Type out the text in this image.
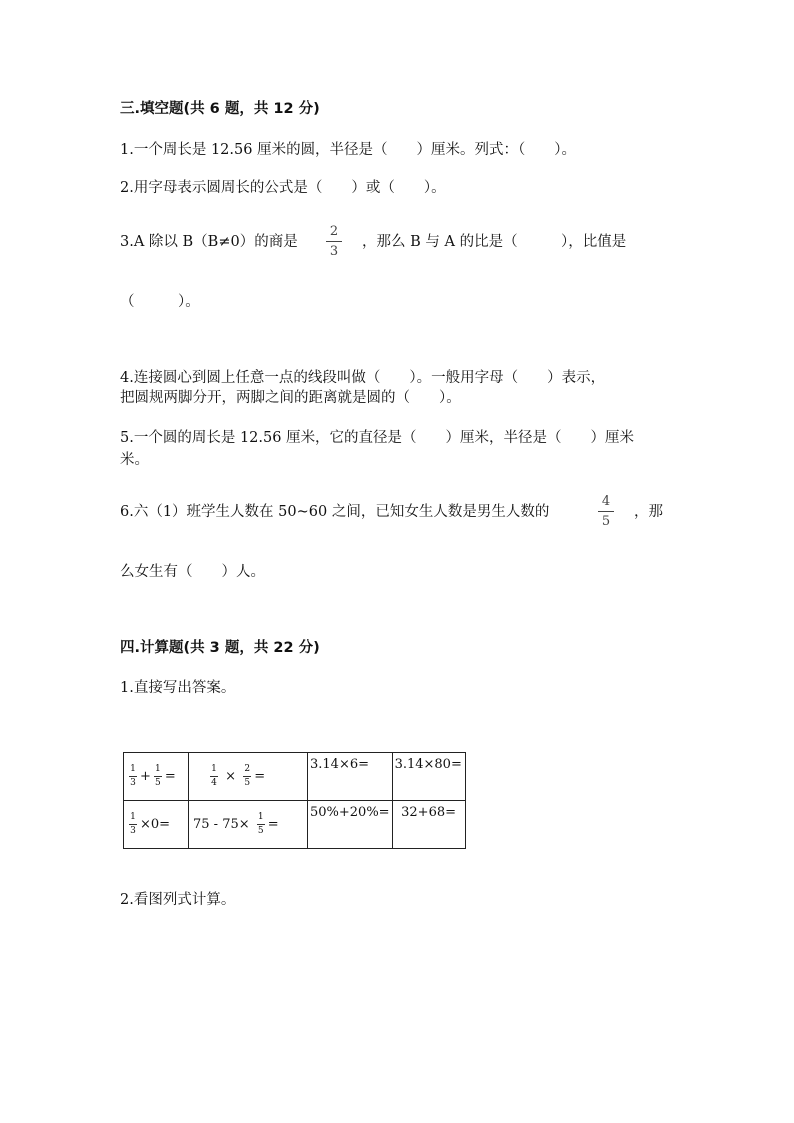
三.填空题(共 6 题，共 12 分)
1.一个周长是 12.56 厘米的圆，半径是（　　）厘米。列式：（　　）。
2.用字母表示圆周长的公式是（　　）或（　　）。
3.A 除以 B（B≠0）的商是
2
3
，那么 B 与 A 的比是（　　　），比值是
（　　　）。
4.连接圆心到圆上任意一点的线段叫做（　　）。一般用字母（　　）表示，
把圆规两脚分开，两脚之间的距离就是圆的（　　）。
5.一个圆的周长是 12.56 厘米，它的直径是（　　）厘米，半径是（　　）厘米
米。
6.六（1）班学生人数在 50~60 之间，已知女生人数是男生人数的
4
5
，那
么女生有（　　）人。
四.计算题(共 3 题，共 22 分)
1.直接写出答案。
$\frac{1}{3} + \frac{1}{5}$ =	$\frac{1}{4} \times \frac{2}{5}$ =	3.14×6=	3.14×80=
$\frac{1}{3} \times 0=$	$75 - 75\times \frac{1}{5}$ =	50%+20%=	32+68=
2.看图列式计算。
